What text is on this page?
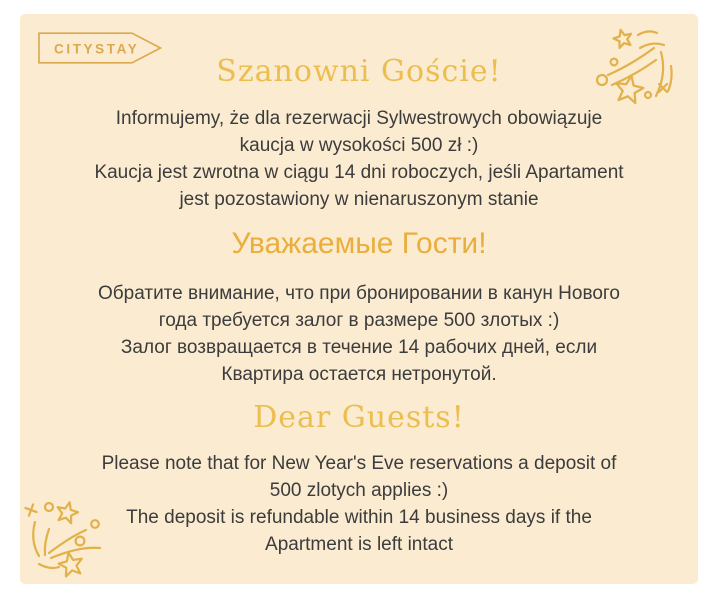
CITYSTAY
Szanowni Goście!

Informujemy, że dla rezerwacji Sylwestrowych obowiązuje
kaucja w wysokości 500 zł :)
Kaucja jest zwrotna w ciągu 14 dni roboczych, jeśli Apartament
jest pozostawiony w nienaruszonym stanie

Уважаемые Гости!

Обратите внимание, что при бронировании в канун Нового
года требуется залог в размере 500 злотых :)
Залог возвращается в течение 14 рабочих дней, если
Квартира остается нетронутой.

Dear Guests!

Please note that for New Year's Eve reservations a deposit of
500 zlotych applies :)
The deposit is refundable within 14 business days if the
Apartment is left intact
